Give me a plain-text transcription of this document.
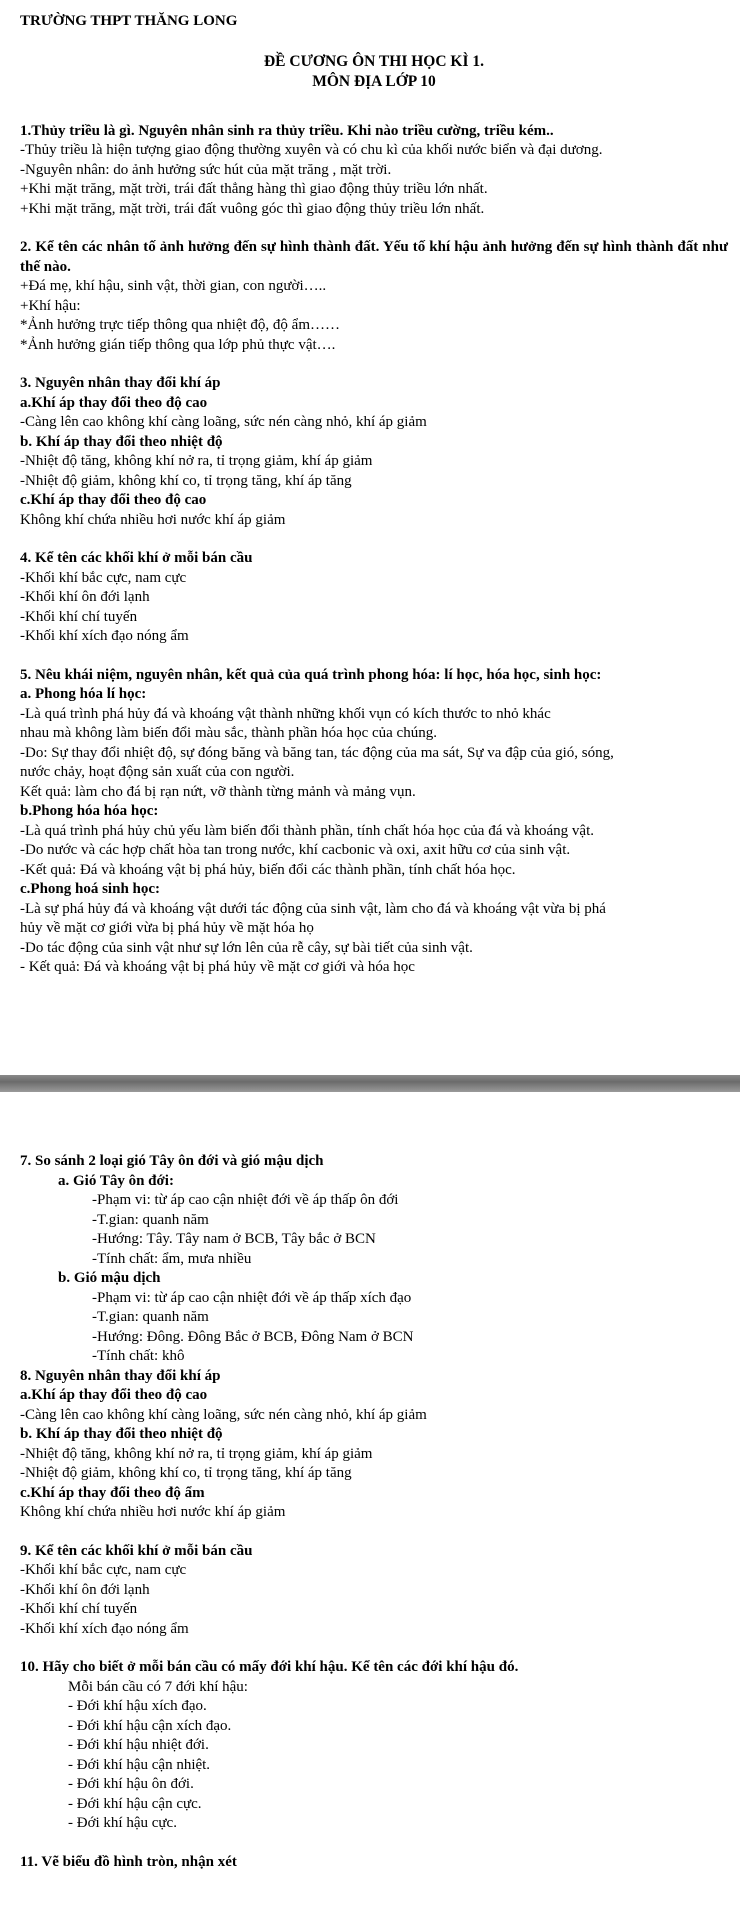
TRƯỜNG THPT THĂNG LONG
ĐỀ CƯƠNG ÔN THI HỌC KÌ 1.
MÔN ĐỊA LỚP 10
1.Thủy triều là gì. Nguyên nhân sinh ra thủy triều. Khi nào triều cường, triều kém..
-Thủy triều là hiện tượng giao động thường xuyên và có chu kì của khối nước biển và đại dương.
-Nguyên nhân: do ảnh hưởng sức hút của mặt trăng , mặt trời.
+Khi mặt trăng, mặt trời, trái đất thẳng hàng thì giao động thủy triều lớn nhất.
+Khi mặt trăng, mặt trời, trái đất vuông góc thì giao động thủy triều lớn nhất.
2. Kể tên các nhân tố ảnh hưởng đến sự hình thành đất. Yếu tố khí hậu ảnh hưởng đến sự hình thành đất như thế nào.
+Đá mẹ, khí hậu, sinh vật, thời gian, con người…..
+Khí hậu:
*Ảnh hưởng trực tiếp thông qua nhiệt độ, độ ẩm……
*Ảnh hưởng gián tiếp thông qua lớp phủ thực vật….
3. Nguyên nhân thay đổi khí áp
a.Khí áp thay đổi theo độ cao
-Càng lên cao không khí càng loãng, sức nén càng nhỏ, khí áp giảm
b. Khí áp thay đổi theo nhiệt độ
-Nhiệt độ tăng, không khí nở ra, tỉ trọng giảm, khí áp giảm
-Nhiệt độ giảm, không khí co, tỉ trọng tăng, khí áp tăng
c.Khí áp thay đổi theo độ cao
Không khí chứa nhiều hơi nước khí áp giảm
4. Kể tên các khối khí ở mỗi bán cầu
-Khối khí bắc cực, nam cực
-Khối khí ôn đới lạnh
-Khối khí chí tuyến
-Khối khí xích đạo nóng ẩm
5. Nêu khái niệm, nguyên nhân, kết quả của quá trình phong hóa: lí học, hóa học, sinh học:
a. Phong hóa lí học:
-Là quá trình phá hủy đá và khoáng vật thành những khối vụn có kích thước to nhỏ khác
nhau mà không làm biến đổi màu sắc, thành phần hóa học của chúng.
-Do: Sự thay đổi nhiệt độ, sự đóng băng và băng tan, tác động của ma sát, Sự va đập của gió, sóng,
nước chảy, hoạt động sản xuất của con người.
Kết quả: làm cho đá bị rạn nứt, vỡ thành từng mảnh và mảng vụn.
b.Phong hóa hóa học:
-Là quá trình phá hủy chủ yếu làm biến đổi thành phần, tính chất hóa học của đá và khoáng vật.
-Do nước và các hợp chất hòa tan trong nước, khí cacbonic và oxi, axit hữu cơ của sinh vật.
-Kết quả: Đá và khoáng vật bị phá hủy, biến đổi các thành phần, tính chất hóa học.
c.Phong hoá sinh học:
-Là sự phá hủy đá và khoáng vật dưới tác động của sinh vật, làm cho đá và khoáng vật vừa bị phá
hủy về mặt cơ giới vừa bị phá hủy về mặt hóa họ
-Do tác động của sinh vật như sự lớn lên của rễ cây, sự bài tiết của sinh vật.
- Kết quả: Đá và khoáng vật bị phá hủy về mặt cơ giới và hóa học
7. So sánh 2 loại gió Tây ôn đới và gió mậu dịch
a. Gió Tây ôn đới:
-Phạm vi: từ áp cao cận nhiệt đới về áp thấp ôn đới
-T.gian: quanh năm
-Hướng: Tây. Tây nam ở BCB, Tây bắc ở BCN
-Tính chất: ẩm, mưa nhiều
b. Gió mậu dịch
-Phạm vi: từ áp cao cận nhiệt đới về áp thấp xích đạo
-T.gian: quanh năm
-Hướng: Đông. Đông Bắc ở BCB, Đông Nam ở BCN
-Tính chất: khô
8. Nguyên nhân thay đổi khí áp
a.Khí áp thay đổi theo độ cao
-Càng lên cao không khí càng loãng, sức nén càng nhỏ, khí áp giảm
b. Khí áp thay đổi theo nhiệt độ
-Nhiệt độ tăng, không khí nở ra, tỉ trọng giảm, khí áp giảm
-Nhiệt độ giảm, không khí co, tỉ trọng tăng, khí áp tăng
c.Khí áp thay đổi theo độ ẩm
Không khí chứa nhiều hơi nước khí áp giảm
9. Kể tên các khối khí ở mỗi bán cầu
-Khối khí bắc cực, nam cực
-Khối khí ôn đới lạnh
-Khối khí chí tuyến
-Khối khí xích đạo nóng ẩm
10. Hãy cho biết ở mỗi bán cầu có mấy đới khí hậu. Kể tên các đới khí hậu đó.
Mỗi bán cầu có 7 đới khí hậu:
- Đới khí hậu xích đạo.
- Đới khí hậu cận xích đạo.
- Đới khí hậu nhiệt đới.
- Đới khí hậu cận nhiệt.
- Đới khí hậu ôn đới.
- Đới khí hậu cận cực.
- Đới khí hậu cực.
11. Vẽ biểu đồ hình tròn, nhận xét
